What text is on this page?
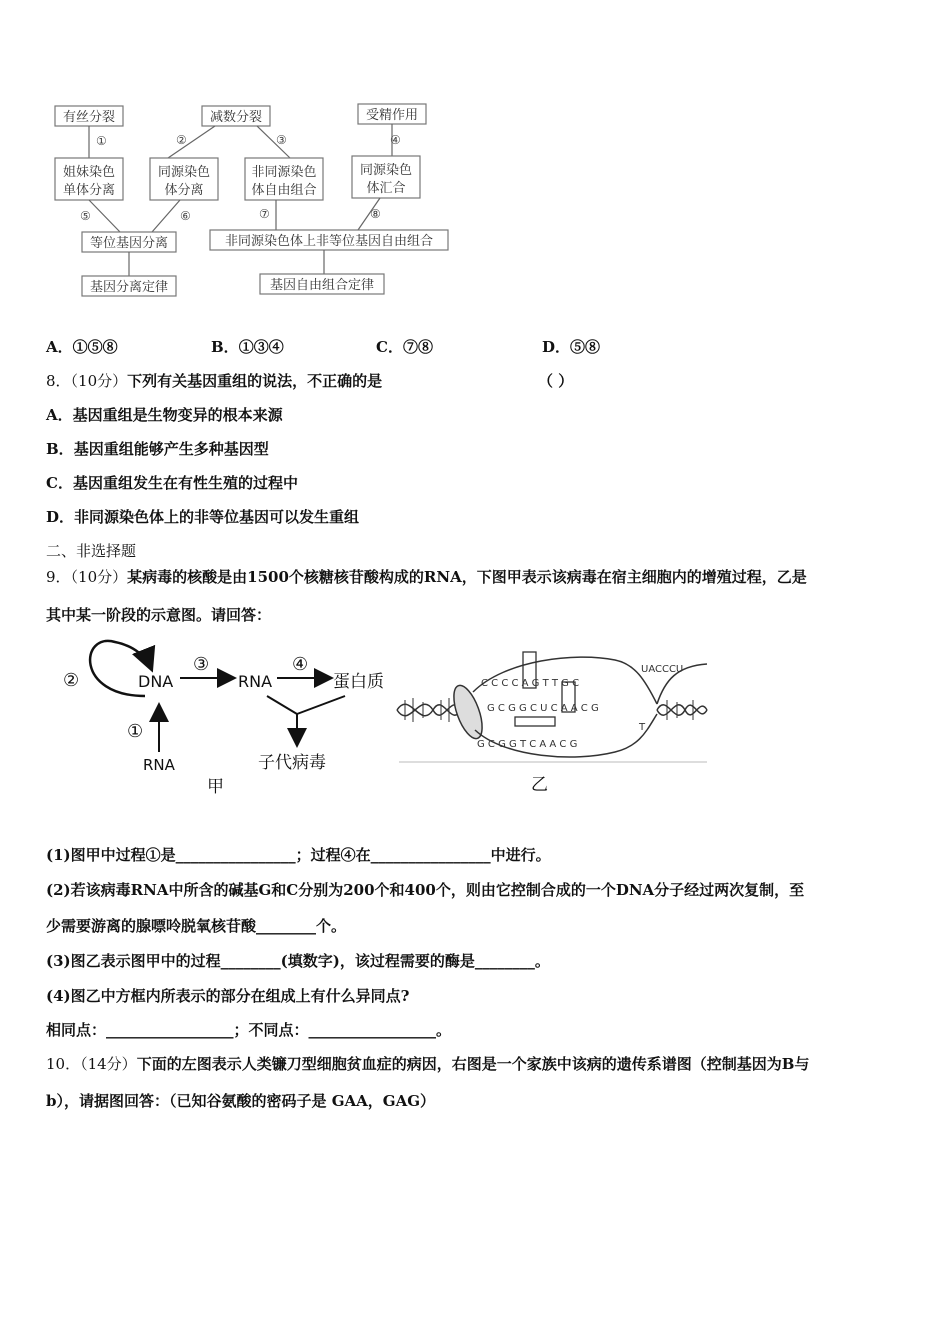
有丝分裂	减数分裂	受精作用
①	②	③	④
姐妹染色
单体分离
同源染色
体分离
非同源染色
体自由组合
同源染色
体汇合
⑤	⑥	⑦	⑧
等位基因分离	非同源染色体上非等位基因自由组合
基因分离定律	基因自由组合定律
A．①⑤⑧	B．①③④	C．⑦⑧	D．⑤⑧
8．（10分）下列有关基因重组的说法，不正确的是	（ ）
A．基因重组是生物变异的根本来源
B．基因重组能够产生多种基因型
C．基因重组发生在有性生殖的过程中
D．非同源染色体上的非等位基因可以发生重组
二、非选择题
9．（10分）某病毒的核酸是由1500个核糖核苷酸构成的RNA，下图甲表示该病毒在宿主细胞内的增殖过程，乙是
其中某一阶段的示意图。请回答：
②	DNA
③
RNA
④
蛋白质
子代病毒
①
RNA
甲
C C C C A G T T G C
G C G G C U C A A C G
G C G G T C A A C G
UACCCU
T
乙
(1)图甲中过程①是________________；过程④在________________中进行。
(2)若该病毒RNA中所含的碱基G和C分别为200个和400个，则由它控制合成的一个DNA分子经过两次复制，至
少需要游离的腺嘌呤脱氧核苷酸________个。
(3)图乙表示图甲中的过程________(填数字)，该过程需要的酶是________。
(4)图乙中方框内所表示的部分在组成上有什么异同点?
相同点：_________________；不同点：_________________。
10．（14分）下面的左图表示人类镰刀型细胞贫血症的病因，右图是一个家族中该病的遗传系谱图（控制基因为B与
b），请据图回答：（已知谷氨酸的密码子是 GAA，GAG）
